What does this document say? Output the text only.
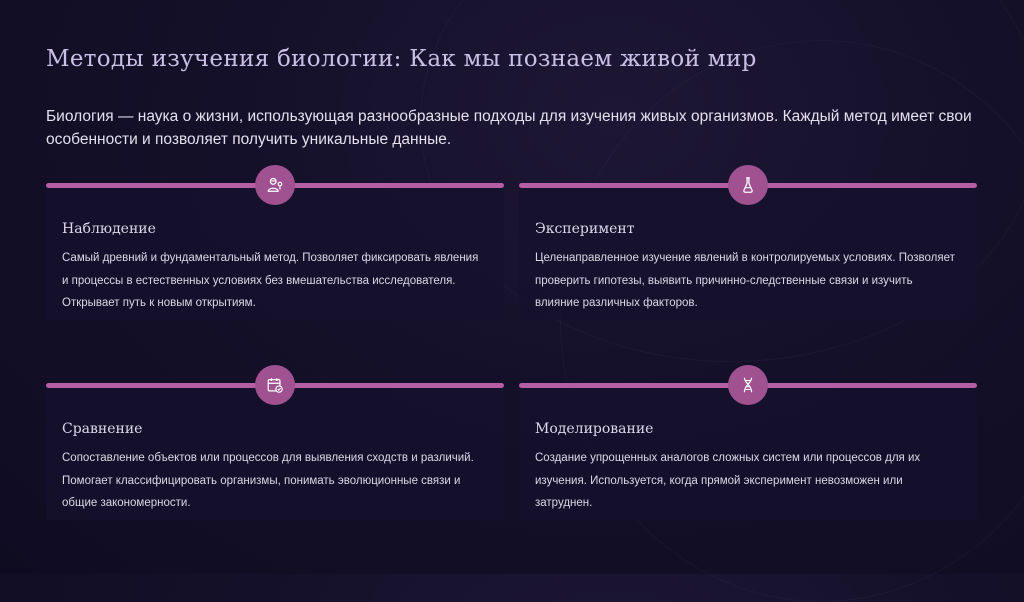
Методы изучения биологии: Как мы познаем живой мир

Биология — наука о жизни, использующая разнообразные подходы для изучения живых организмов. Каждый метод имеет свои особенности и позволяет получить уникальные данные.

Наблюдение

Самый древний и фундаментальный метод. Позволяет фиксировать явления и процессы в естественных условиях без вмешательства исследователя. Открывает путь к новым открытиям.

Эксперимент

Целенаправленное изучение явлений в контролируемых условиях. Позволяет проверить гипотезы, выявить причинно-следственные связи и изучить влияние различных факторов.

Сравнение

Сопоставление объектов или процессов для выявления сходств и различий. Помогает классифицировать организмы, понимать эволюционные связи и общие закономерности.

Моделирование

Создание упрощенных аналогов сложных систем или процессов для их изучения. Используется, когда прямой эксперимент невозможен или затруднен.
